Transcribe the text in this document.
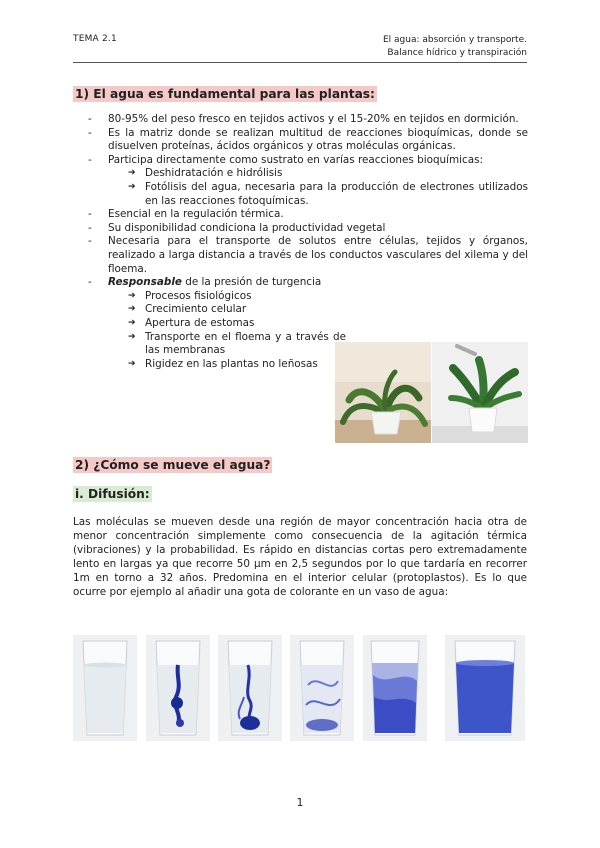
TEMA 2.1	El agua: absorción y transporte.
Balance hídrico y transpiración
1) El agua es fundamental para las plantas:
- 80-95% del peso fresco en tejidos activos y el 15-20% en tejidos en dormición.
- Es la matriz donde se realizan multitud de reacciones bioquímicas, donde se disuelven proteínas, ácidos orgánicos y otras moléculas orgánicas.
- Participa directamente como sustrato en varías reacciones bioquímicas:
➔ Deshidratación e hidrólisis
➔ Fotólisis del agua, necesaria para la producción de electrones utilizados en las reacciones fotoquímicas.
- Esencial en la regulación térmica.
- Su disponibilidad condiciona la productividad vegetal
- Necesaria para el transporte de solutos entre células, tejidos y órganos, realizado a larga distancia a través de los conductos vasculares del xilema y del floema.
- Responsable de la presión de turgencia
➔ Procesos fisiológicos
➔ Crecimiento celular
➔ Apertura de estomas
➔ Transporte en el floema y a través de las membranas
➔ Rigidez en las plantas no leñosas
2) ¿Cómo se mueve el agua?
i. Difusión:
Las moléculas se mueven desde una región de mayor concentración hacia otra de menor concentración simplemente como consecuencia de la agitación térmica (vibraciones) y la probabilidad. Es rápido en distancias cortas pero extremadamente lento en largas ya que recorre 50 µm en 2,5 segundos por lo que tardaría en recorrer 1m en torno a 32 años. Predomina en el interior celular (protoplastos). Es lo que ocurre por ejemplo al añadir una gota de colorante en un vaso de agua:
1
